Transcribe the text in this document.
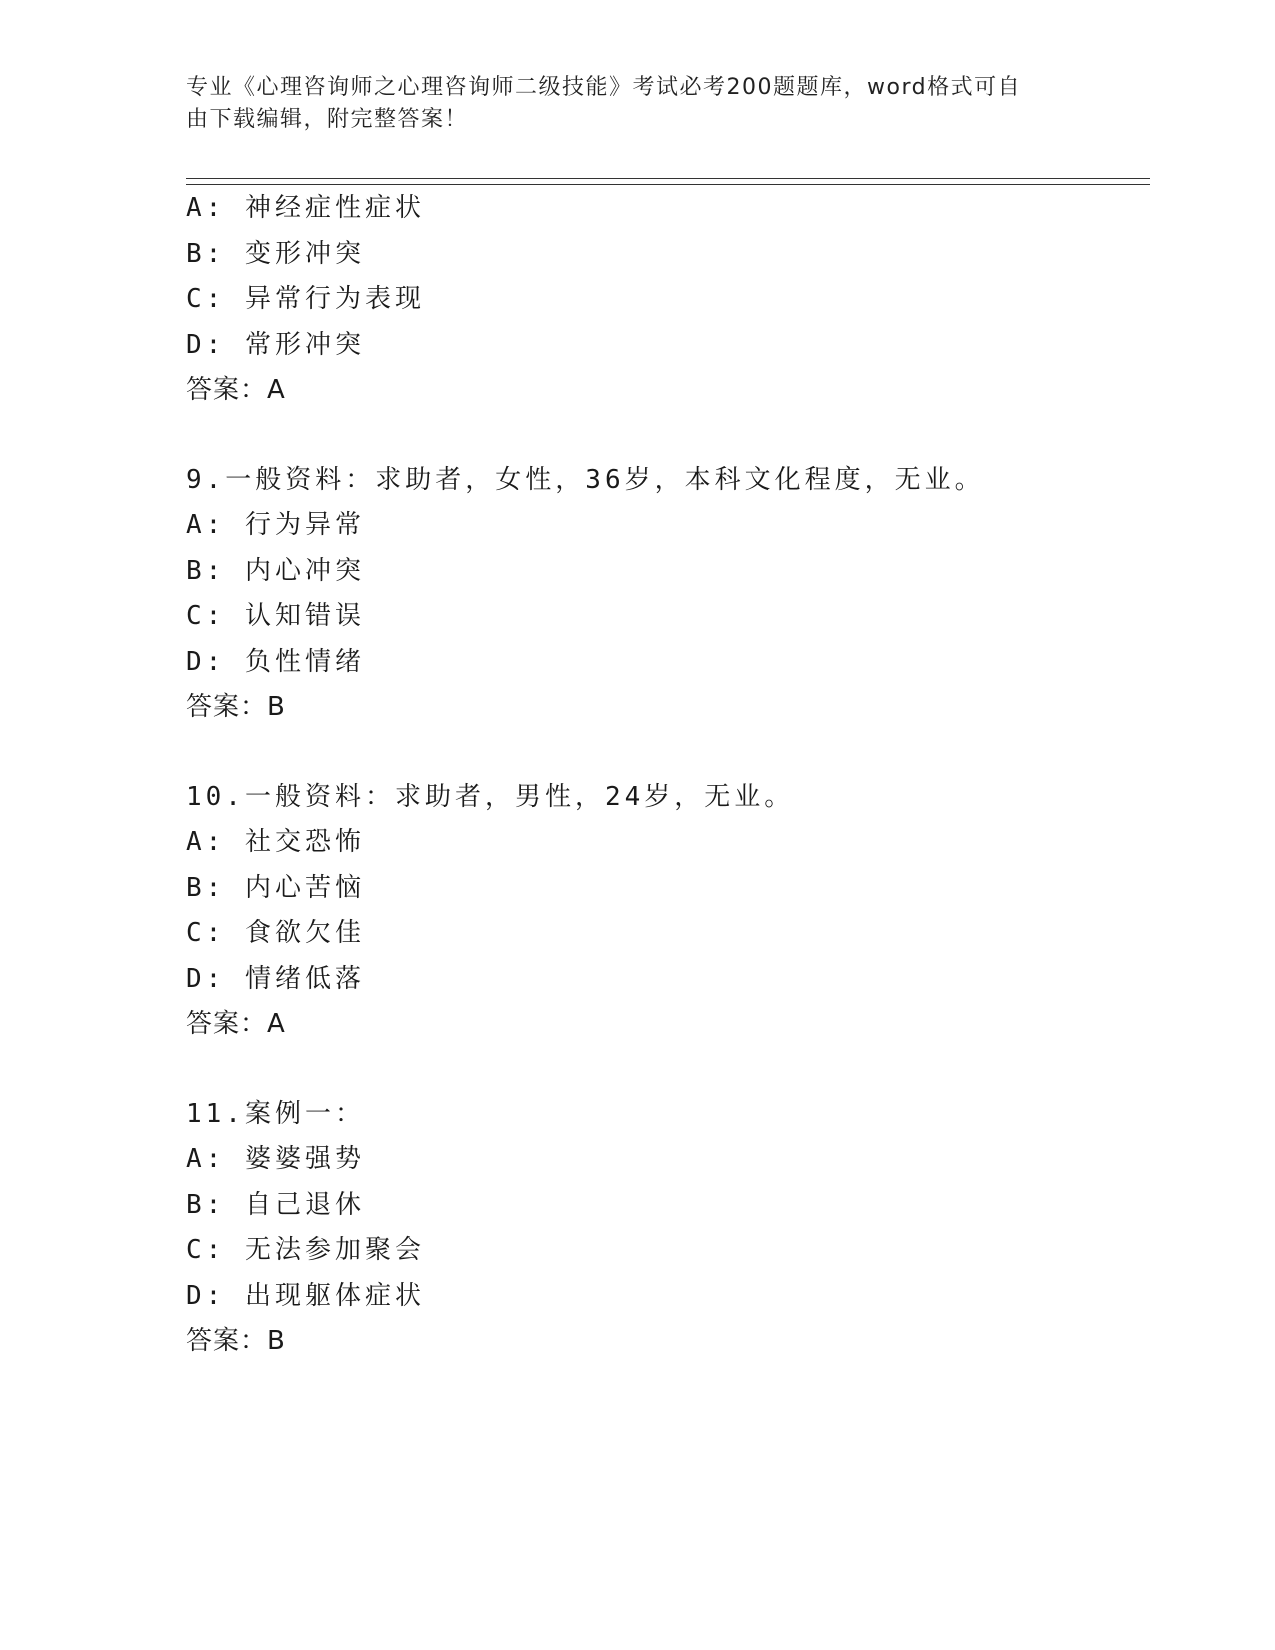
专业《心理咨询师之心理咨询师二级技能》考试必考200题题库，word格式可自
由下载编辑，附完整答案！
A: 神经症性症状
B: 变形冲突
C: 异常行为表现
D: 常形冲突
答案：A
9.一般资料：求助者，女性，36岁，本科文化程度，无业。
A: 行为异常
B: 内心冲突
C: 认知错误
D: 负性情绪
答案：B
10.一般资料：求助者，男性，24岁，无业。
A: 社交恐怖
B: 内心苦恼
C: 食欲欠佳
D: 情绪低落
答案：A
11.案例一：
A: 婆婆强势
B: 自己退休
C: 无法参加聚会
D: 出现躯体症状
答案：B
